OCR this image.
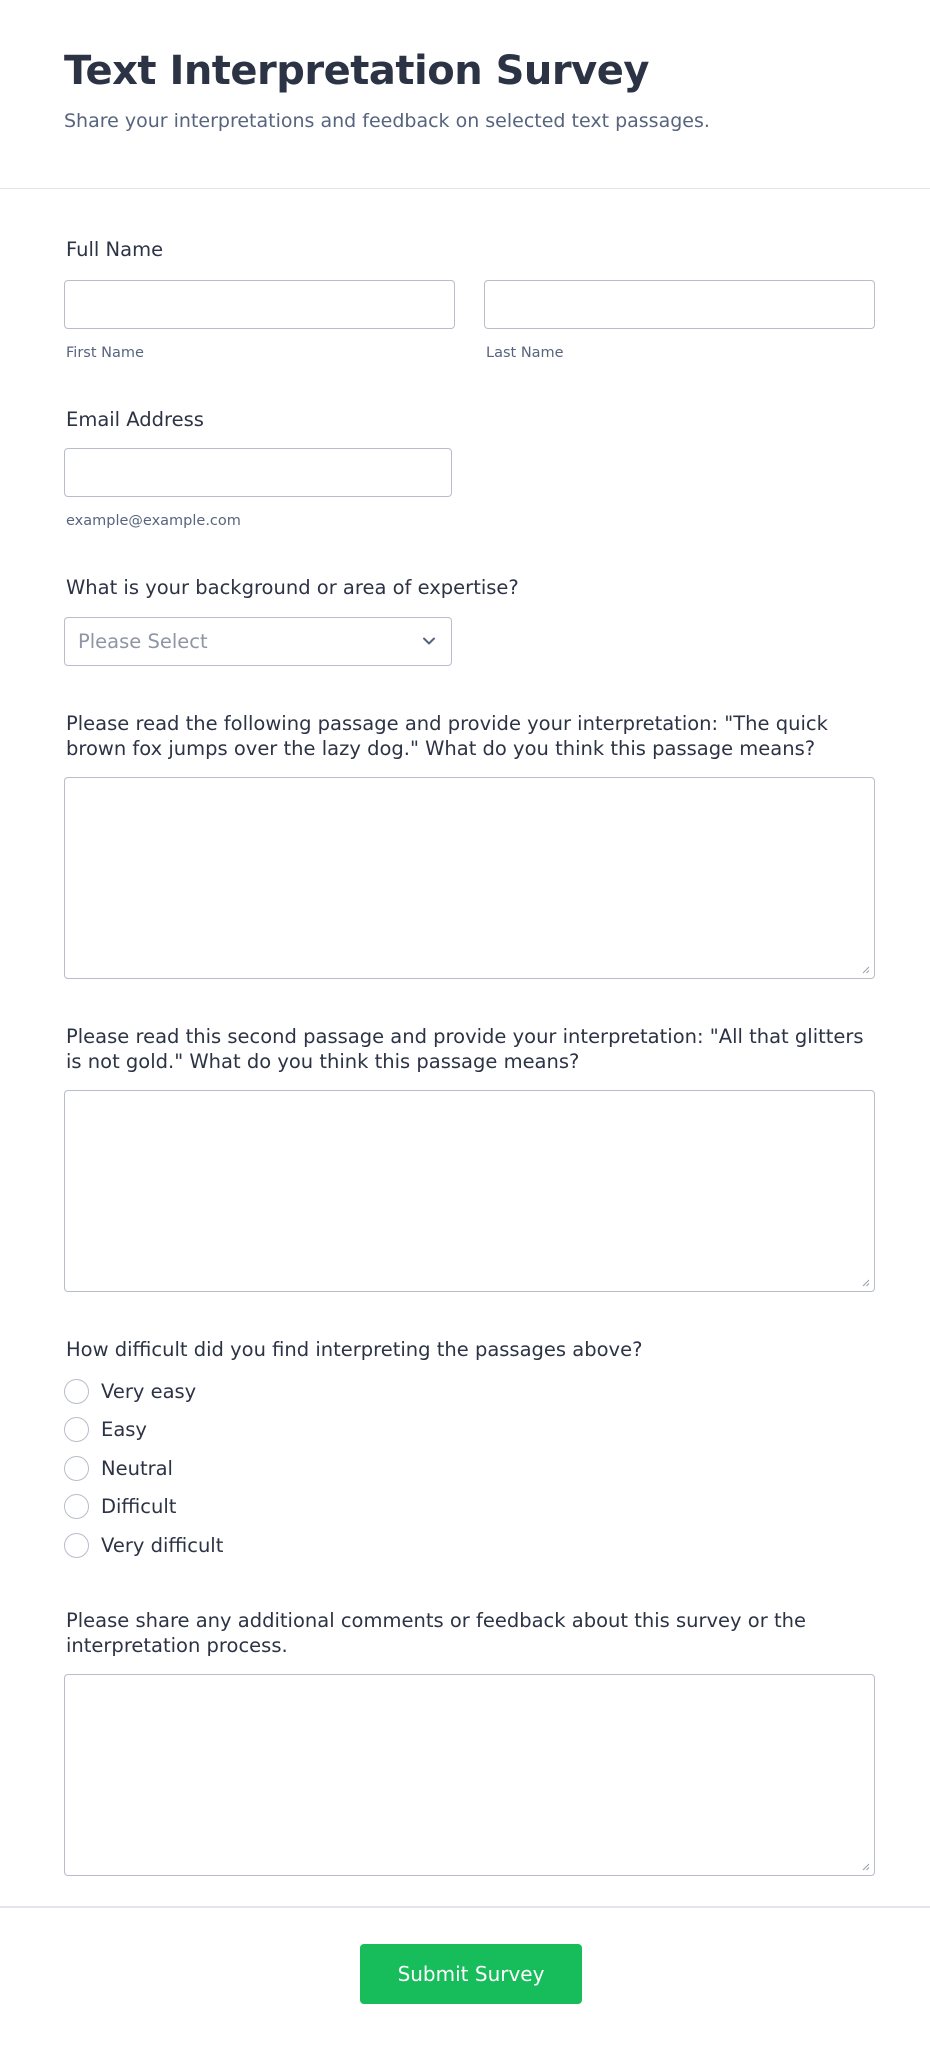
Text Interpretation Survey

Share your interpretations and feedback on selected text passages.

Full Name
First Name	Last Name
Email Address
example@example.com
What is your background or area of expertise?
Please Select
Please read the following passage and provide your interpretation: "The quick brown fox jumps over the lazy dog." What do you think this passage means?
Please read this second passage and provide your interpretation: "All that glitters is not gold." What do you think this passage means?
How difficult did you find interpreting the passages above?
Very easy
Easy
Neutral
Difficult
Very difficult
Please share any additional comments or feedback about this survey or the interpretation process.
Submit Survey
